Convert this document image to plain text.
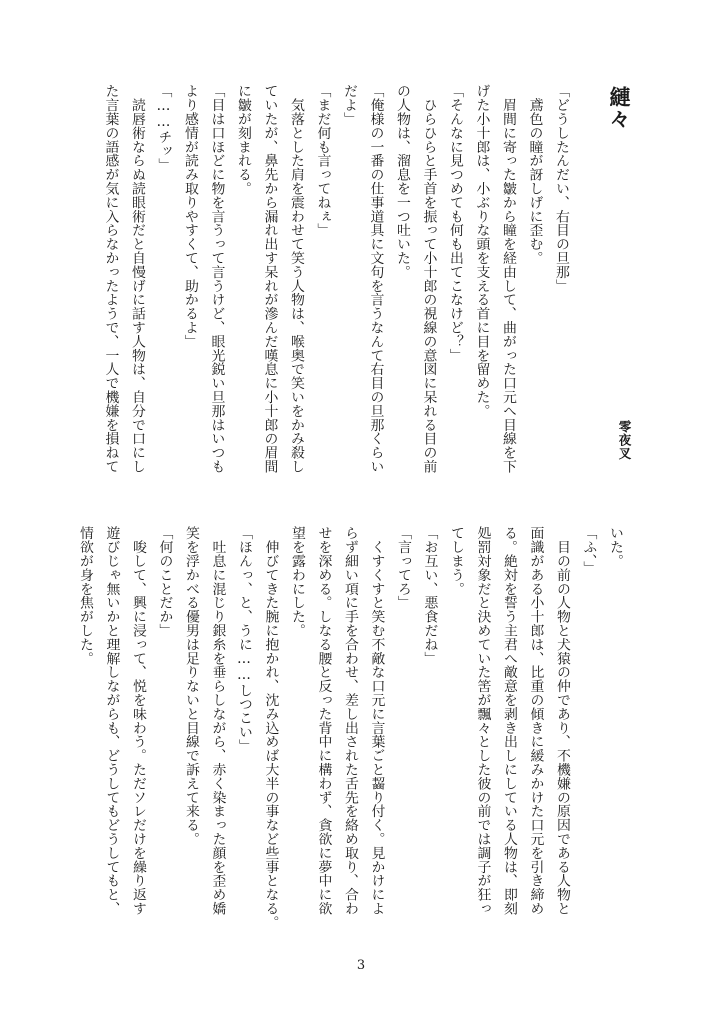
縺々
零夜叉
「どうしたんだい、右目の旦那」
　鳶色の瞳が訝しげに歪む。
　眉間に寄った皺から瞳を経由して、曲がった口元へ目線を下
げた小十郎は、小ぶりな頭を支える首に目を留めた。
「そんなに見つめても何も出てこなけど？」
　ひらひらと手首を振って小十郎の視線の意図に呆れる目の前
の人物は、溜息を一つ吐いた。
「俺様の一番の仕事道具に文句を言うなんて右目の旦那くらい
だよ」
「まだ何も言ってねぇ」
　気落とした肩を震わせて笑う人物は、喉奥で笑いをかみ殺し
ていたが、鼻先から漏れ出す呆れが滲んだ嘆息に小十郎の眉間
に皺が刻まれる。
「目は口ほどに物を言うって言うけど、眼光鋭い旦那はいつも
より感情が読み取りやすくて、助かるよ」
「……チッ」
　読唇術ならぬ読眼術だと自慢げに話す人物は、自分で口にし
た言葉の語感が気に入らなかったようで、一人で機嫌を損ねて
いた。
「ふ、」
　目の前の人物と犬猿の仲であり、不機嫌の原因である人物と
面識がある小十郎は、比重の傾きに緩みかけた口元を引き締め
る。絶対を誓う主君へ敵意を剥き出しにしている人物は、即刻
処罰対象だと決めていた筈が飄々とした彼の前では調子が狂っ
てしまう。
「お互い、悪食だね」
「言ってろ」
　くすくすと笑む不敵な口元に言葉ごと齧り付く。見かけによ
らず細い項に手を合わせ、差し出された舌先を絡め取り、合わ
せを深める。しなる腰と反った背中に構わず、貪欲に夢中に欲
望を露わにした。
　伸びてきた腕に抱かれ、沈み込めば大半の事など些事となる。
「ほんっ、と、うに……しつこい」
　吐息に混じり銀糸を垂らしながら、赤く染まった顔を歪め嬌
笑を浮かべる優男は足りないと目線で訴えて来る。
「何のことだか」
　唆して、興に浸って、悦を味わう。ただソレだけを繰り返す
遊びじゃ無いかと理解しながらも、どうしてもどうしてもと、
情欲が身を焦がした。
3
